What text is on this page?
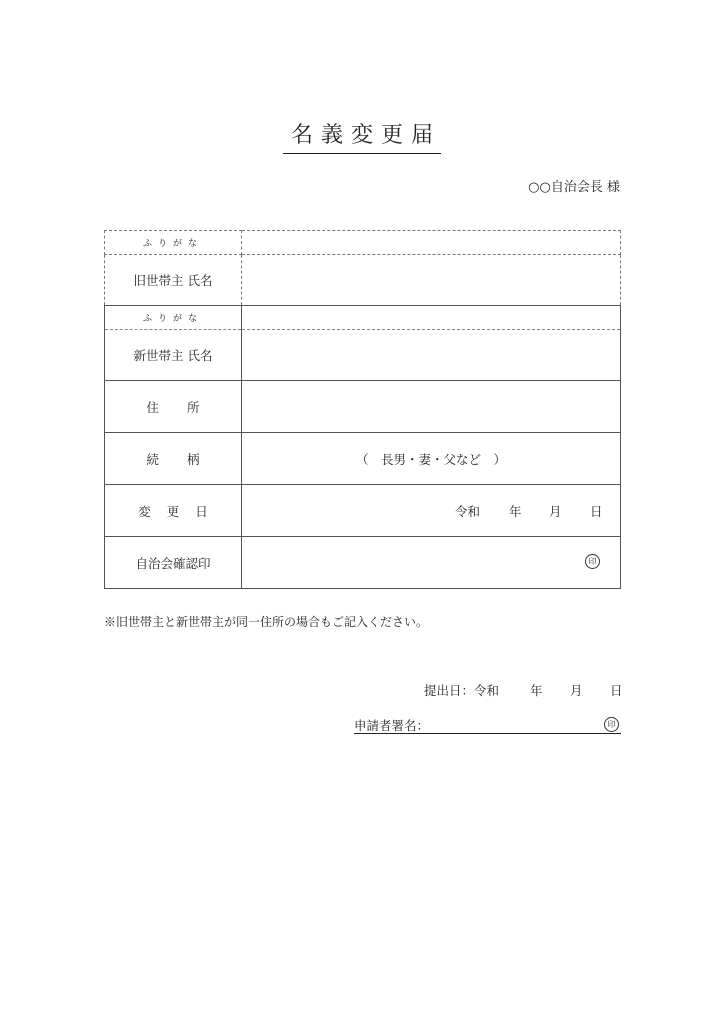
名義変更届
○○自治会長 様
ふりがな	
旧世帯主 氏名	
ふりがな	
新世帯主 氏名	
住所	
続柄	（　長男・妻・父など　）
変更日	令和 年 月 日

自治会確認印	印
※旧世帯主と新世帯主が同一住所の場合もご記入ください。
提出日：令和 年 月 日
申請者署名：	印
